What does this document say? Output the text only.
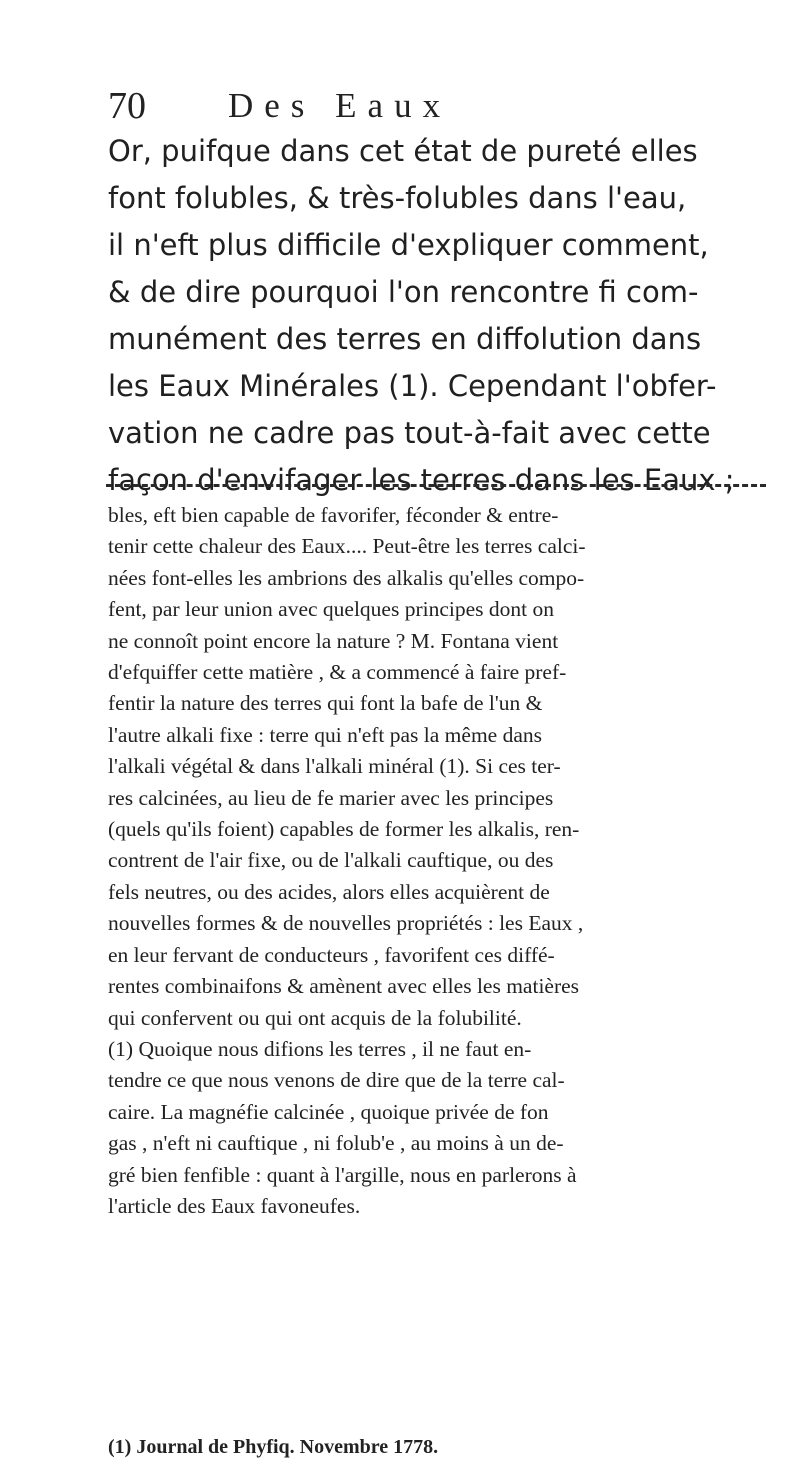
70 Des Eaux
Or, puifque dans cet état de pureté elles
font folubles, & très-folubles dans l'eau,
il n'eft plus difficile d'expliquer comment,
& de dire pourquoi l'on rencontre fi com-
munément des terres en diffolution dans
les Eaux Minérales (1). Cependant l'obfer-
vation ne cadre pas tout-à-fait avec cette
façon d'envifager les terres dans les Eaux ;
bles, eft bien capable de favorifer, féconder & entre-
tenir cette chaleur des Eaux.... Peut-être les terres calci-
nées font-elles les ambrions des alkalis qu'elles compo-
fent, par leur union avec quelques principes dont on
ne connoît point encore la nature ? M. Fontana vient
d'efquiffer cette matière , & a commencé à faire pref-
fentir la nature des terres qui font la bafe de l'un &
l'autre alkali fixe : terre qui n'eft pas la même dans
l'alkali végétal & dans l'alkali minéral (1). Si ces ter-
res calcinées, au lieu de fe marier avec les principes
(quels qu'ils foient) capables de former les alkalis, ren-
contrent de l'air fixe, ou de l'alkali cauftique, ou des
fels neutres, ou des acides, alors elles acquièrent de
nouvelles formes & de nouvelles propriétés : les Eaux ,
en leur fervant de conducteurs , favorifent ces diffé-
rentes combinaifons & amènent avec elles les matières
qui confervent ou qui ont acquis de la folubilité.
(1) Quoique nous difions les terres , il ne faut en-
tendre ce que nous venons de dire que de la terre cal-
caire. La magnéfie calcinée , quoique privée de fon
gas , n'eft ni cauftique , ni folub'e , au moins à un de-
gré bien fenfible : quant à l'argille, nous en parlerons à
l'article des Eaux favoneufes.
(1) Journal de Phyfiq. Novembre 1778.
